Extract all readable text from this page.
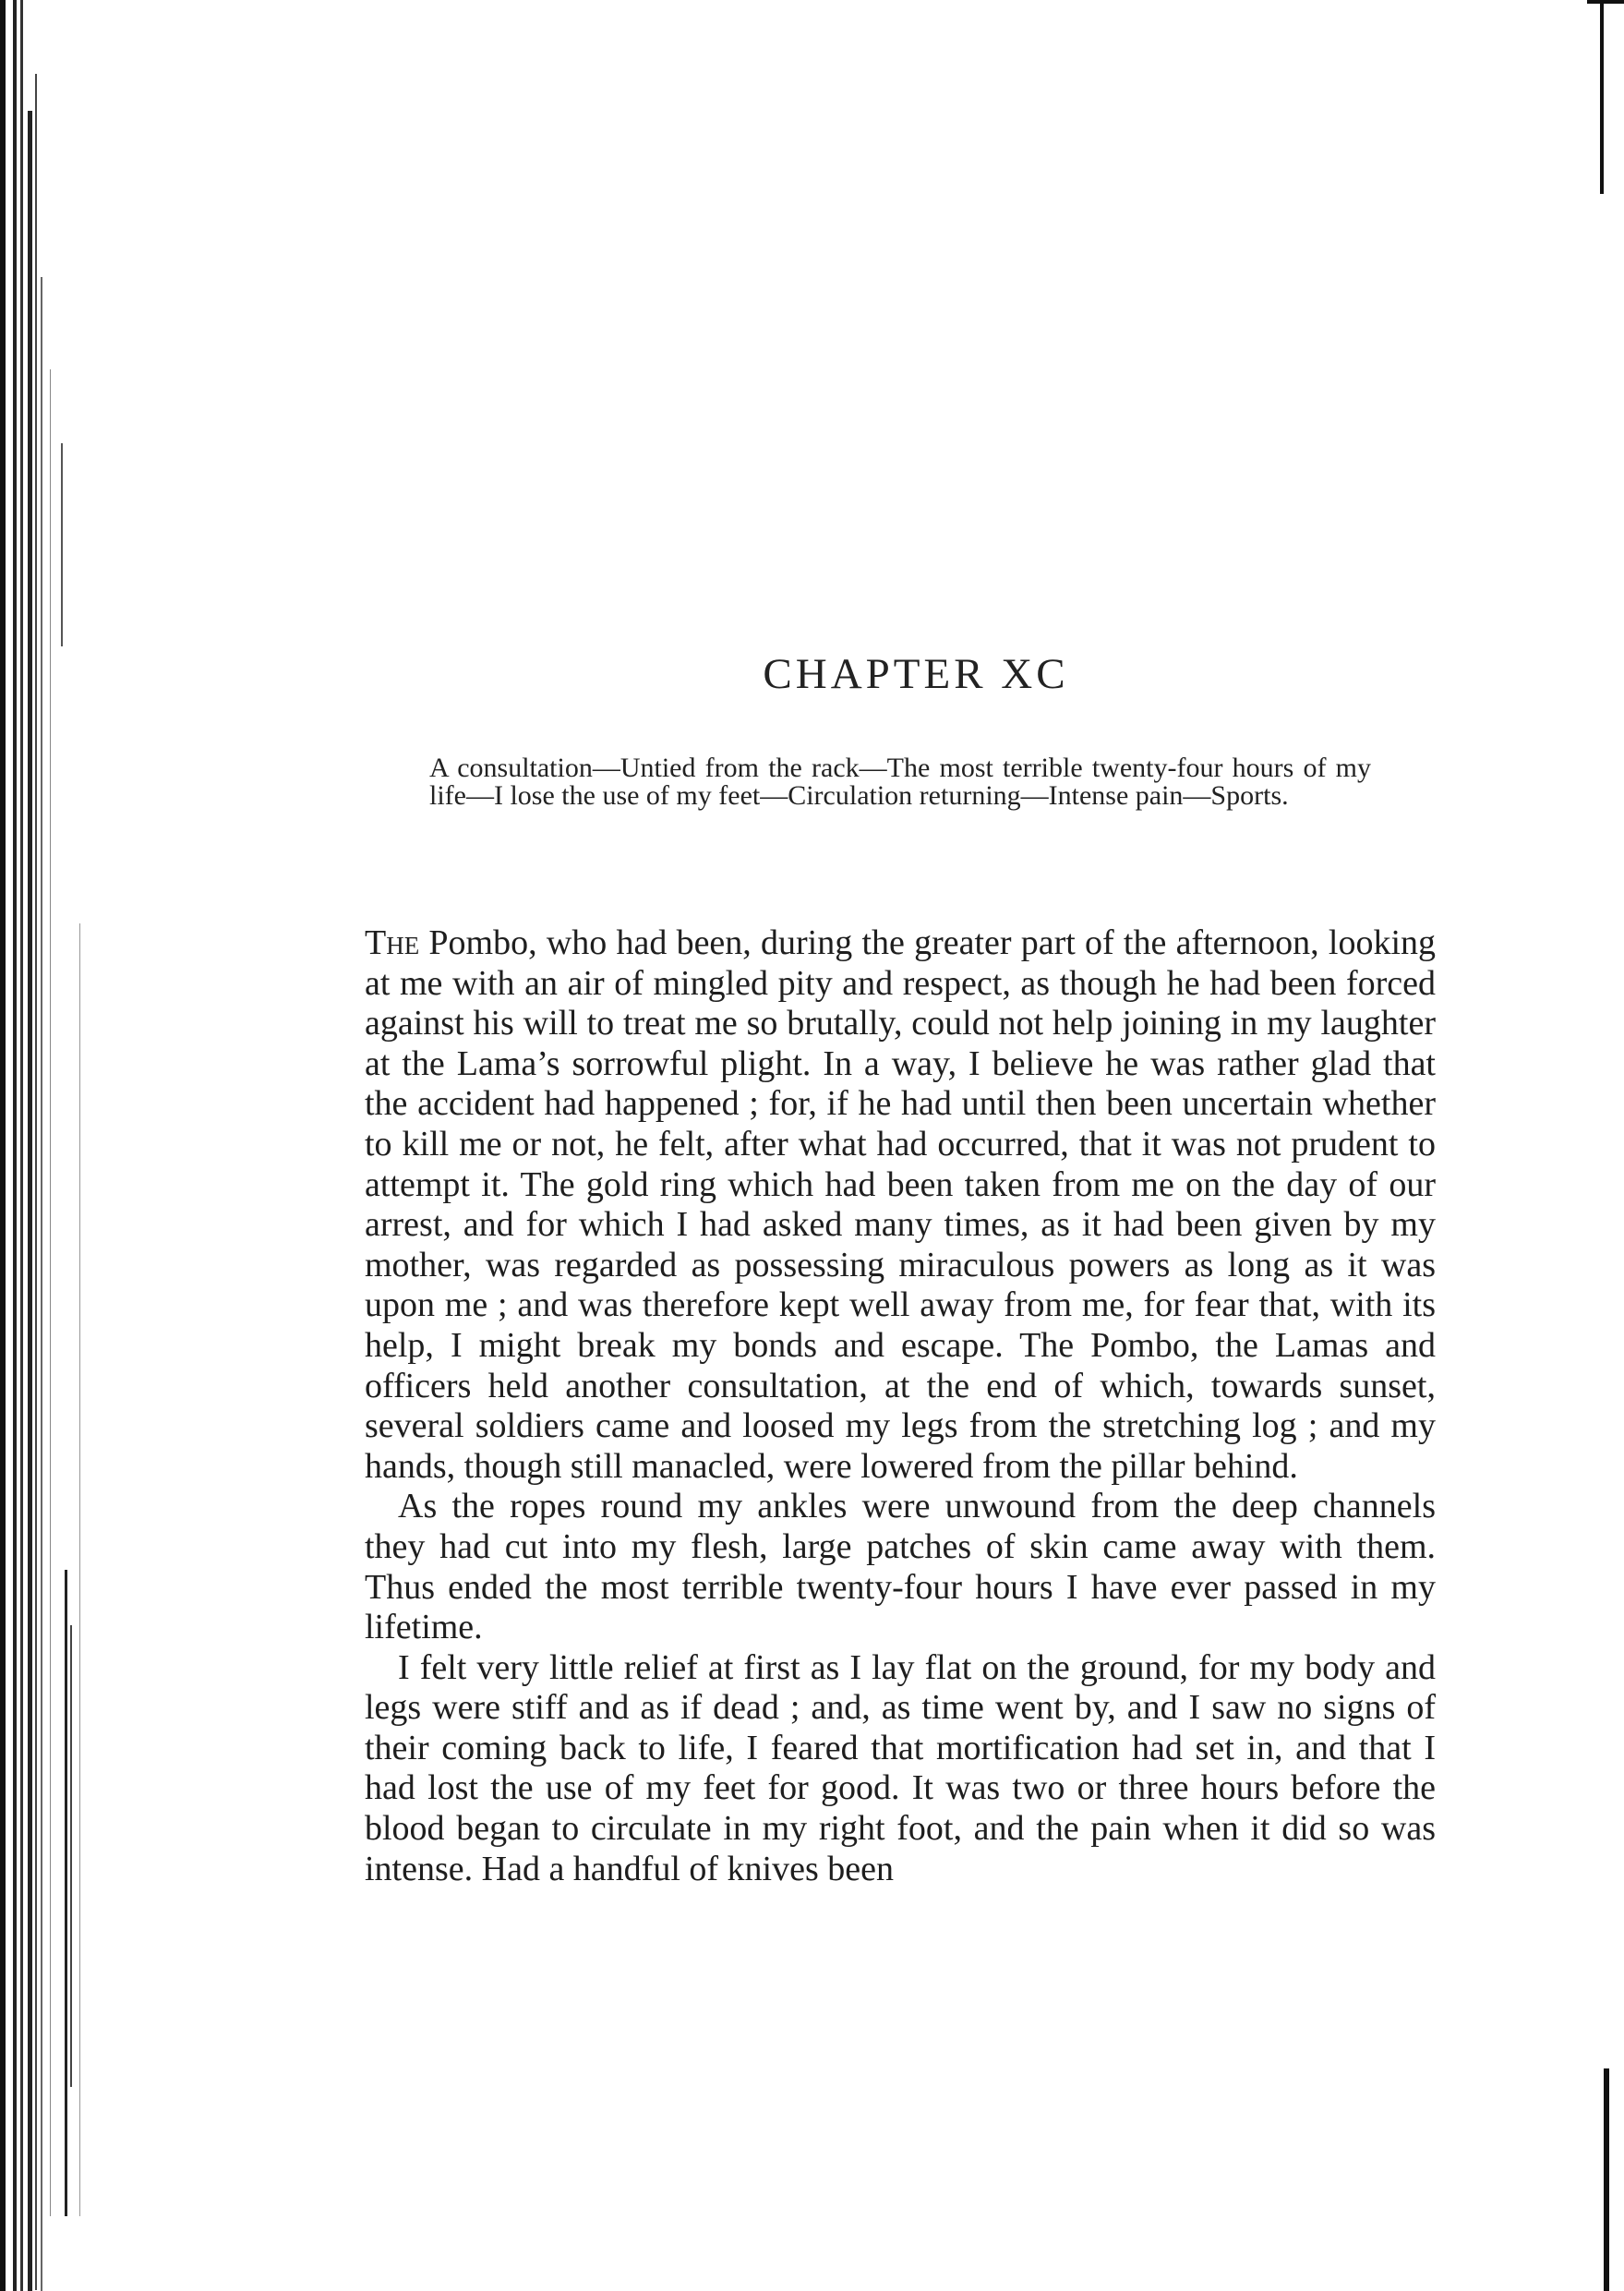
CHAPTER XC
A consultation—Untied from the rack—The most terrible twenty-four hours of my life—I lose the use of my feet—Circulation returning—Intense pain—Sports.

The Pombo, who had been, during the greater part of the afternoon, looking at me with an air of mingled pity and respect, as though he had been forced against his will to treat me so brutally, could not help joining in my laughter at the Lama’s sorrowful plight. In a way, I believe he was rather glad that the accident had happened ; for, if he had until then been uncertain whether to kill me or not, he felt, after what had occurred, that it was not prudent to attempt it. The gold ring which had been taken from me on the day of our arrest, and for which I had asked many times, as it had been given by my mother, was regarded as possessing miraculous powers as long as it was upon me ; and was therefore kept well away from me, for fear that, with its help, I might break my bonds and escape. The Pombo, the Lamas and officers held another consultation, at the end of which, towards sunset, several soldiers came and loosed my legs from the stretching log ; and my hands, though still manacled, were lowered from the pillar behind.

As the ropes round my ankles were unwound from the deep channels they had cut into my flesh, large patches of skin came away with them. Thus ended the most terrible twenty-four hours I have ever passed in my lifetime.

I felt very little relief at first as I lay flat on the ground, for my body and legs were stiff and as if dead ; and, as time went by, and I saw no signs of their coming back to life, I feared that mortification had set in, and that I had lost the use of my feet for good. It was two or three hours before the blood began to circulate in my right foot, and the pain when it did so was intense. Had a handful of knives been
